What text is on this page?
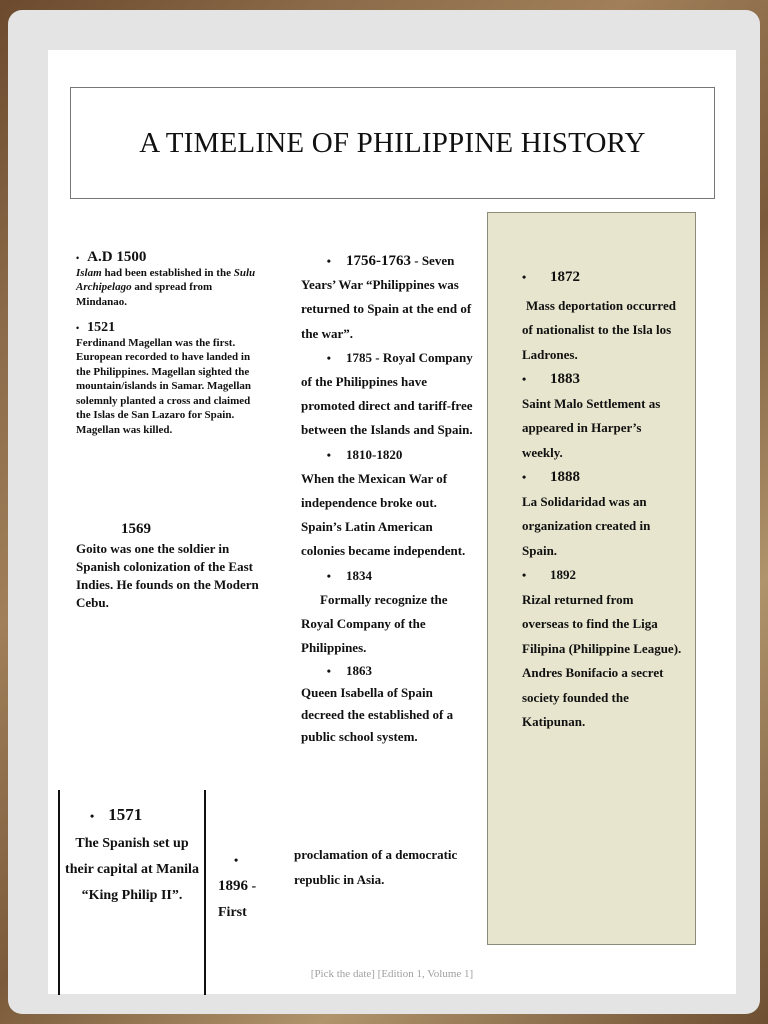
A TIMELINE OF PHILIPPINE HISTORY
• A.D 1500
Islam had been established in the Sulu Archipelago and spread from Mindanao.
• 1521
Ferdinand Magellan was the first. European recorded to have landed in the Philippines. Magellan sighted the mountain/islands in Samar. Magellan solemnly planted a cross and claimed the Islas de San Lazaro for Spain. Magellan was killed.
1569
Goito was one the soldier in Spanish colonization of the East Indies. He founds on the Modern Cebu.
• 1756-1763 - Seven Years’ War “Philippines was returned to Spain at the end of the war”.
• 1785 - Royal Company of the Philippines have promoted direct and tariff-free between the Islands and Spain.
• 1810-1820
When the Mexican War of independence broke out. Spain’s Latin American colonies became independent.
• 1834
Formally recognize the Royal Company of the Philippines.
• 1863
Queen Isabella of Spain decreed the established of a public school system.
• 1571
The Spanish set up their capital at Manila “King Philip II”.
•
1896 -
First
proclamation of a democratic republic in Asia.
• 1872
Mass deportation occurred of nationalist to the Isla los Ladrones.
• 1883
Saint Malo Settlement as appeared in Harper’s weekly.
• 1888
La Solidaridad was an organization created in Spain.
• 1892
Rizal returned from overseas to find the Liga Filipina (Philippine League). Andres Bonifacio a secret society founded the Katipunan.
[Pick the date] [Edition 1, Volume 1]
